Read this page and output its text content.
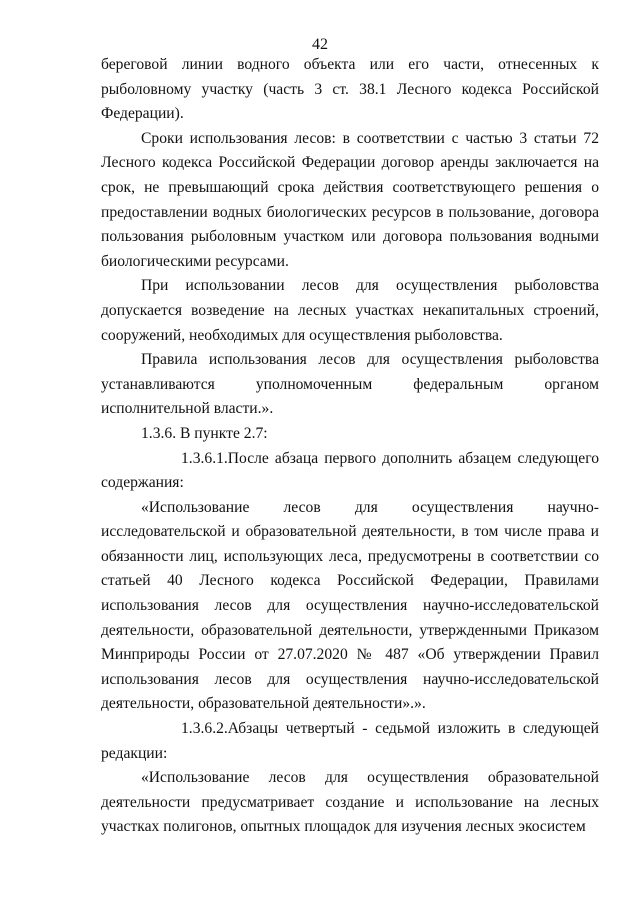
42

береговой линии водного объекта или его части, отнесенных к рыболовному участку (часть 3 ст. 38.1 Лесного кодекса Российской Федерации).

Сроки использования лесов: в соответствии с частью 3 статьи 72 Лесного кодекса Российской Федерации договор аренды заключается на срок, не превышающий срока действия соответствующего решения о предоставлении водных биологических ресурсов в пользование, договора пользования рыболовным участком или договора пользования водными биологическими ресурсами.

При использовании лесов для осуществления рыболовства допускается возведение на лесных участках некапитальных строений, сооружений, необходимых для осуществления рыболовства.

Правила использования лесов для осуществления рыболовства устанавливаются уполномоченным федеральным органом исполнительной власти.».

1.3.6. В пункте 2.7:

1.3.6.1.После абзаца первого дополнить абзацем следующего содержания:

«Использование лесов для осуществления научно-исследовательской и образовательной деятельности, в том числе права и обязанности лиц, использующих леса, предусмотрены в соответствии со статьей 40 Лесного кодекса Российской Федерации, Правилами использования лесов для осуществления научно-исследовательской деятельности, образовательной деятельности, утвержденными Приказом Минприроды России от 27.07.2020 № 487 «Об утверждении Правил использования лесов для осуществления научно-исследовательской деятельности, образовательной деятельности».».

1.3.6.2.Абзацы четвертый - седьмой изложить в следующей редакции:

«Использование лесов для осуществления образовательной деятельности предусматривает создание и использование на лесных участках полигонов, опытных площадок для изучения лесных экосистем
